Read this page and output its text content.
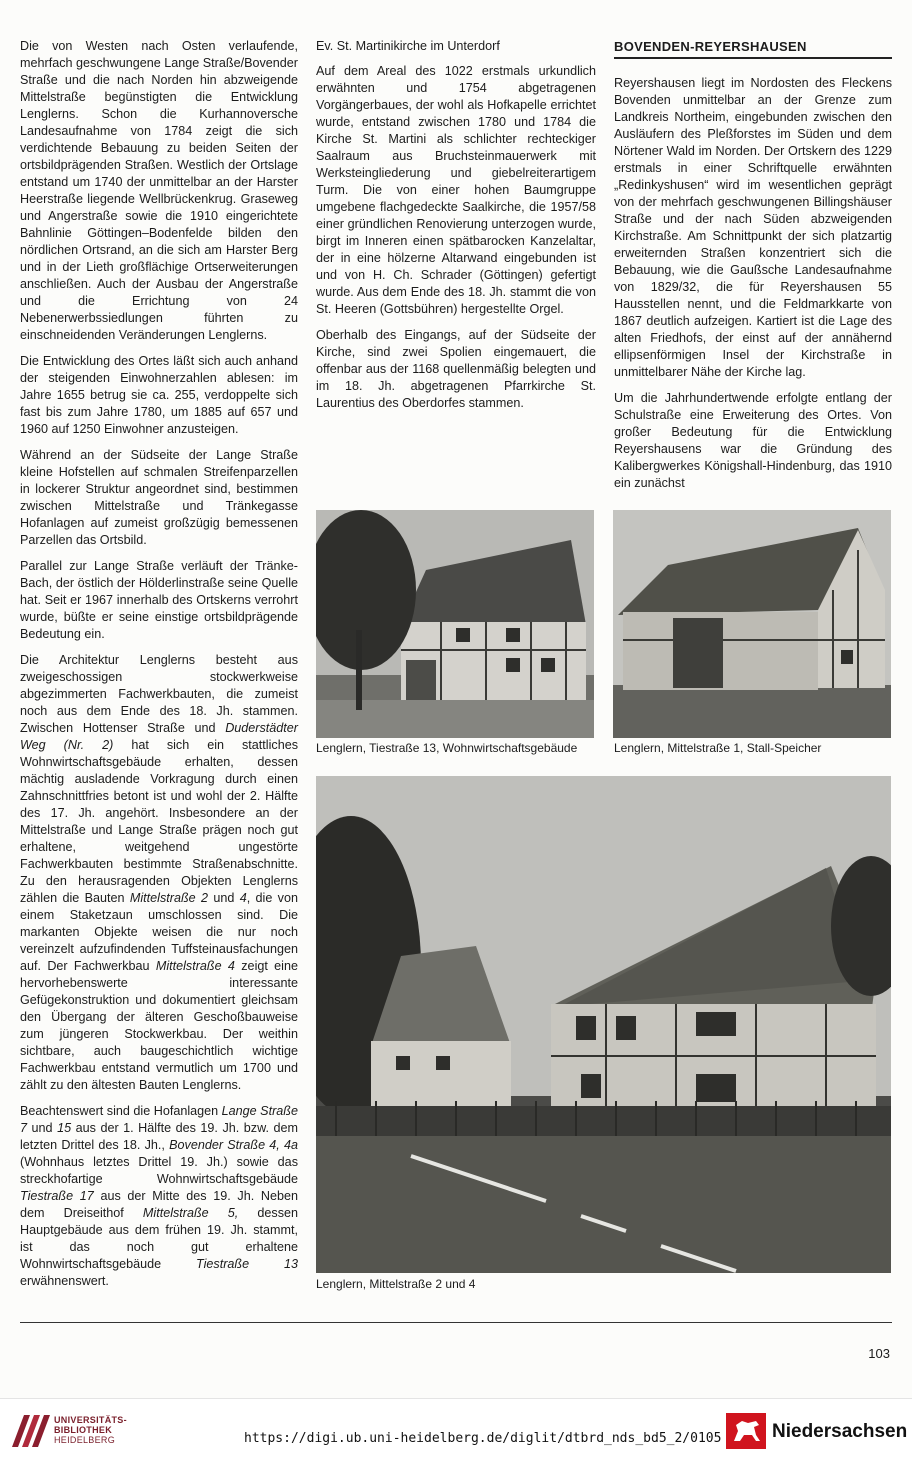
Die von Westen nach Osten verlaufende, mehrfach geschwungene Lange Straße/Bovender Straße und die nach Norden hin abzweigende Mittelstraße begünstigten die Entwicklung Lenglerns. Schon die Kurhannoversche Landesaufnahme von 1784 zeigt die sich verdichtende Bebauung zu beiden Seiten der ortsbildprägenden Straßen. Westlich der Ortslage entstand um 1740 der unmittelbar an der Harster Heerstraße liegende Wellbrückenkrug. Graseweg und Angerstraße sowie die 1910 eingerichtete Bahnlinie Göttingen–Bodenfelde bilden den nördlichen Ortsrand, an die sich am Harster Berg und in der Lieth großflächige Ortserweiterungen anschließen. Auch der Ausbau der Angerstraße und die Errichtung von 24 Nebenerwerbssiedlungen führten zu einschneidenden Veränderungen Lenglerns.

Die Entwicklung des Ortes läßt sich auch anhand der steigenden Einwohnerzahlen ablesen: im Jahre 1655 betrug sie ca. 255, verdoppelte sich fast bis zum Jahre 1780, um 1885 auf 657 und 1960 auf 1250 Einwohner anzusteigen.

Während an der Südseite der Lange Straße kleine Hofstellen auf schmalen Streifenparzellen in lockerer Struktur angeordnet sind, bestimmen zwischen Mittelstraße und Tränkegasse Hofanlagen auf zumeist großzügig bemessenen Parzellen das Ortsbild.

Parallel zur Lange Straße verläuft der Tränke-Bach, der östlich der Hölderlinstraße seine Quelle hat. Seit er 1967 innerhalb des Ortskerns verrohrt wurde, büßte er seine einstige ortsbildprägende Bedeutung ein.

Die Architektur Lenglerns besteht aus zweigeschossigen stockwerkweise abgezimmerten Fachwerkbauten, die zumeist noch aus dem Ende des 18. Jh. stammen. Zwischen Hottenser Straße und Duderstädter Weg (Nr. 2) hat sich ein stattliches Wohnwirtschaftsgebäude erhalten, dessen mächtig ausladende Vorkragung durch einen Zahnschnittfries betont ist und wohl der 2. Hälfte des 17. Jh. angehört. Insbesondere an der Mittelstraße und Lange Straße prägen noch gut erhaltene, weitgehend ungestörte Fachwerkbauten bestimmte Straßenabschnitte. Zu den herausragenden Objekten Lenglerns zählen die Bauten Mittelstraße 2 und 4, die von einem Staketzaun umschlossen sind. Die markanten Objekte weisen die nur noch vereinzelt aufzufindenden Tuffsteinausfachungen auf. Der Fachwerkbau Mittelstraße 4 zeigt eine hervorhebenswerte interessante Gefügekonstruktion und dokumentiert gleichsam den Übergang der älteren Geschoßbauweise zum jüngeren Stockwerkbau. Der weithin sichtbare, auch baugeschichtlich wichtige Fachwerkbau entstand vermutlich um 1700 und zählt zu den ältesten Bauten Lenglerns.

Beachtenswert sind die Hofanlagen Lange Straße 7 und 15 aus der 1. Hälfte des 19. Jh. bzw. dem letzten Drittel des 18. Jh., Bovender Straße 4, 4a (Wohnhaus letztes Drittel 19. Jh.) sowie das streckhofartige Wohnwirtschaftsgebäude Tiestraße 17 aus der Mitte des 19. Jh. Neben dem Dreiseithof Mittelstraße 5, dessen Hauptgebäude aus dem frühen 19. Jh. stammt, ist das noch gut erhaltene Wohnwirtschaftsgebäude Tiestraße 13 erwähnenswert.

Ev. St. Martinikirche im Unterdorf

Auf dem Areal des 1022 erstmals urkundlich erwähnten und 1754 abgetragenen Vorgängerbaues, der wohl als Hofkapelle errichtet wurde, entstand zwischen 1780 und 1784 die Kirche St. Martini als schlichter rechteckiger Saalraum aus Bruchsteinmauerwerk mit Werksteingliederung und giebelreiterartigem Turm. Die von einer hohen Baumgruppe umgebene flachgedeckte Saalkirche, die 1957/58 einer gründlichen Renovierung unterzogen wurde, birgt im Inneren einen spätbarocken Kanzelaltar, der in eine hölzerne Altarwand eingebunden ist und von H. Ch. Schrader (Göttingen) gefertigt wurde. Aus dem Ende des 18. Jh. stammt die von St. Heeren (Gottsbühren) hergestellte Orgel.

Oberhalb des Eingangs, auf der Südseite der Kirche, sind zwei Spolien eingemauert, die offenbar aus der 1168 quellenmäßig belegten und im 18. Jh. abgetragenen Pfarrkirche St. Laurentius des Oberdorfes stammen.

BOVENDEN-REYERSHAUSEN

Reyershausen liegt im Nordosten des Fleckens Bovenden unmittelbar an der Grenze zum Landkreis Northeim, eingebunden zwischen den Ausläufern des Pleßforstes im Süden und dem Nörtener Wald im Norden. Der Ortskern des 1229 erstmals in einer Schriftquelle erwähnten „Redinkyshusen“ wird im wesentlichen geprägt von der mehrfach geschwungenen Billingshäuser Straße und der nach Süden abzweigenden Kirchstraße. Am Schnittpunkt der sich platzartig erweiternden Straßen konzentriert sich die Bebauung, wie die Gaußsche Landesaufnahme von 1829/32, die für Reyershausen 55 Hausstellen nennt, und die Feldmarkkarte von 1867 deutlich aufzeigen. Kartiert ist die Lage des alten Friedhofs, der einst auf der annähernd ellipsenförmigen Insel der Kirchstraße in unmittelbarer Nähe der Kirche lag.

Um die Jahrhundertwende erfolgte entlang der Schulstraße eine Erweiterung des Ortes. Von großer Bedeutung für die Entwicklung Reyershausens war die Gründung des Kalibergwerkes Königshall-Hindenburg, das 1910 ein zunächst

Lenglern, Tiestraße 13, Wohnwirtschaftsgebäude	Lenglern, Mittelstraße 1, Stall-Speicher
Lenglern, Mittelstraße 2 und 4
103
UNIVERSITÄTS-
BIBLIOTHEK
HEIDELBERG	https://digi.ub.uni-heidelberg.de/diglit/dtbrd_nds_bd5_2/0105	Niedersachsen
